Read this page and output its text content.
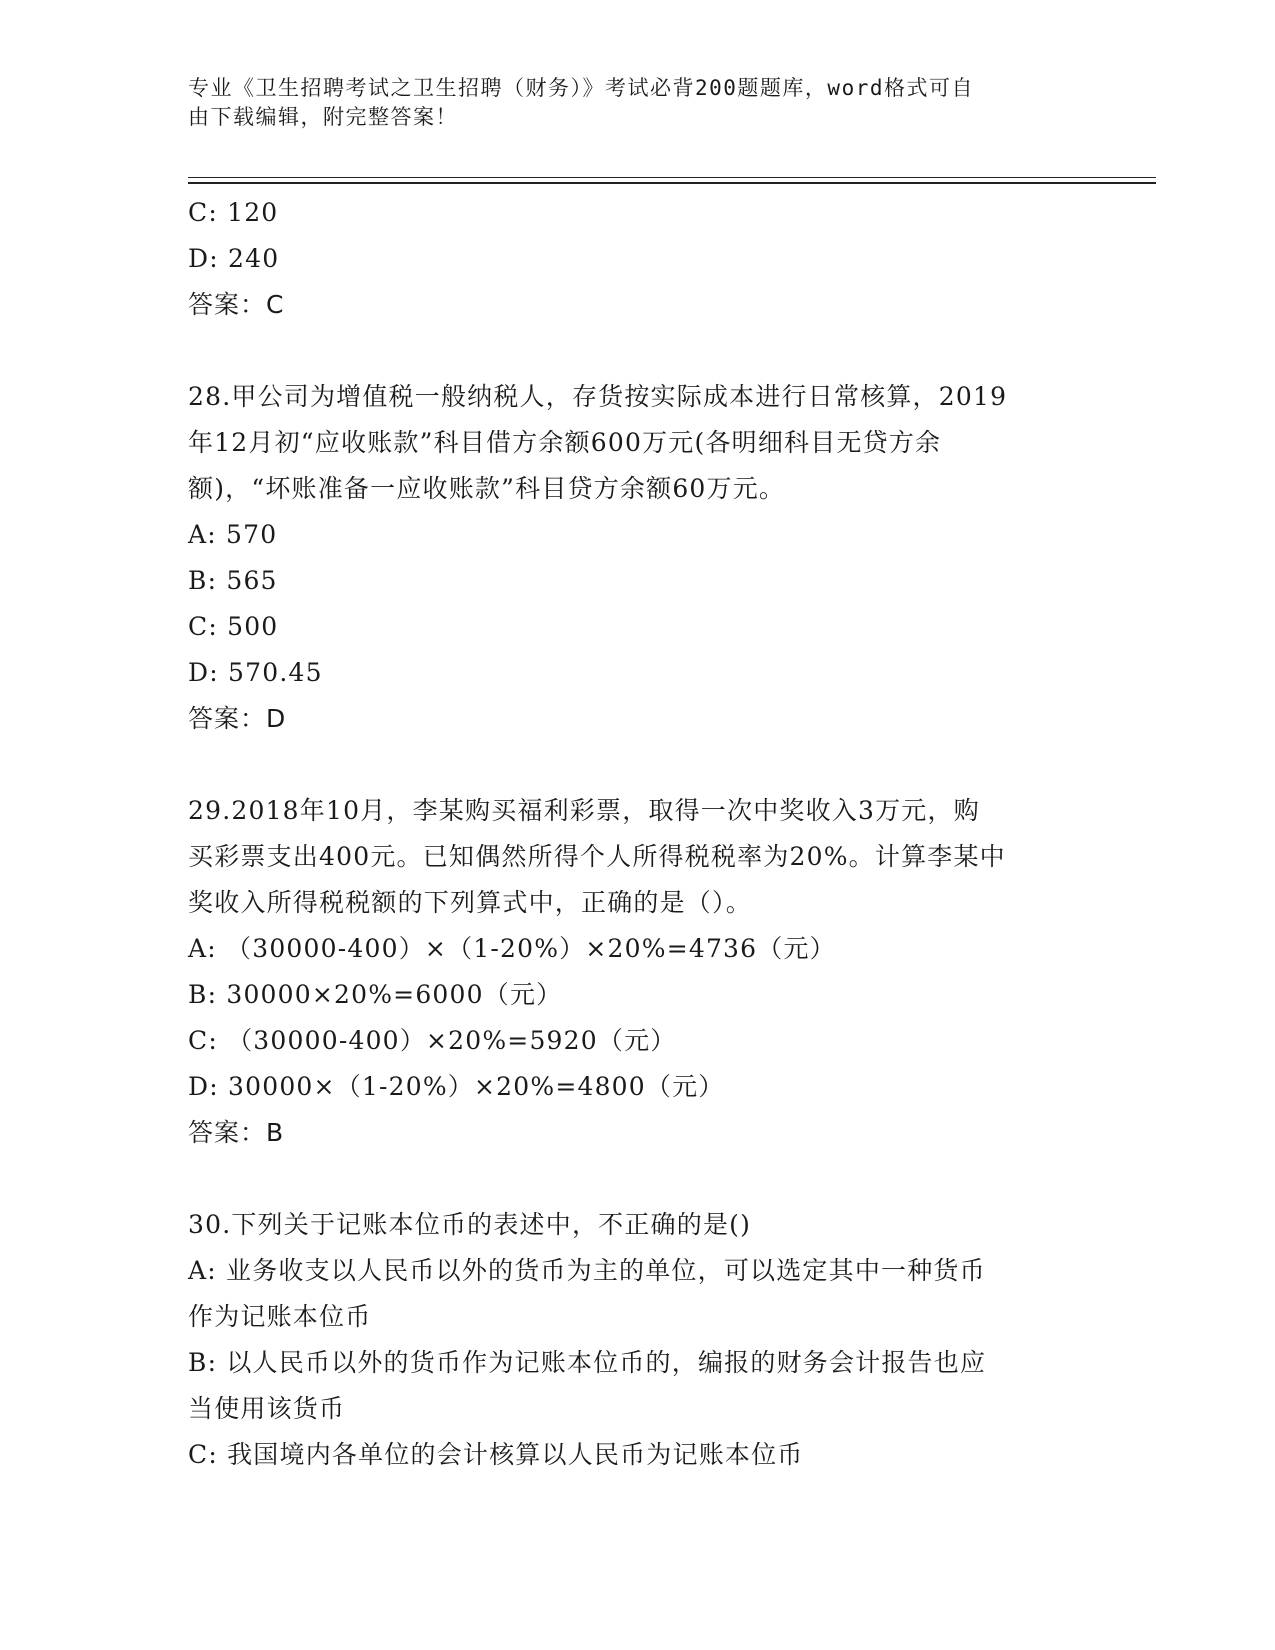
专业《卫生招聘考试之卫生招聘（财务）》考试必背200题题库，word格式可自
由下载编辑，附完整答案！
C: 120
D: 240
答案：C
28.甲公司为增值税一般纳税人，存货按实际成本进行日常核算，2019
年12月初“应收账款”科目借方余额600万元(各明细科目无贷方余
额)，“坏账准备一应收账款”科目贷方余额60万元。
A: 570
B: 565
C: 500
D: 570.45
答案：D
29.2018年10月，李某购买福利彩票，取得一次中奖收入3万元，购
买彩票支出400元。已知偶然所得个人所得税税率为20%。计算李某中
奖收入所得税税额的下列算式中，正确的是（）。
A: （30000-400）×（1-20%）×20%=4736（元）
B: 30000×20%=6000（元）
C: （30000-400）×20%=5920（元）
D: 30000×（1-20%）×20%=4800（元）
答案：B
30.下列关于记账本位币的表述中，不正确的是()
A: 业务收支以人民币以外的货币为主的单位，可以选定其中一种货币
作为记账本位币
B: 以人民币以外的货币作为记账本位币的，编报的财务会计报告也应
当使用该货币
C: 我国境内各单位的会计核算以人民币为记账本位币
